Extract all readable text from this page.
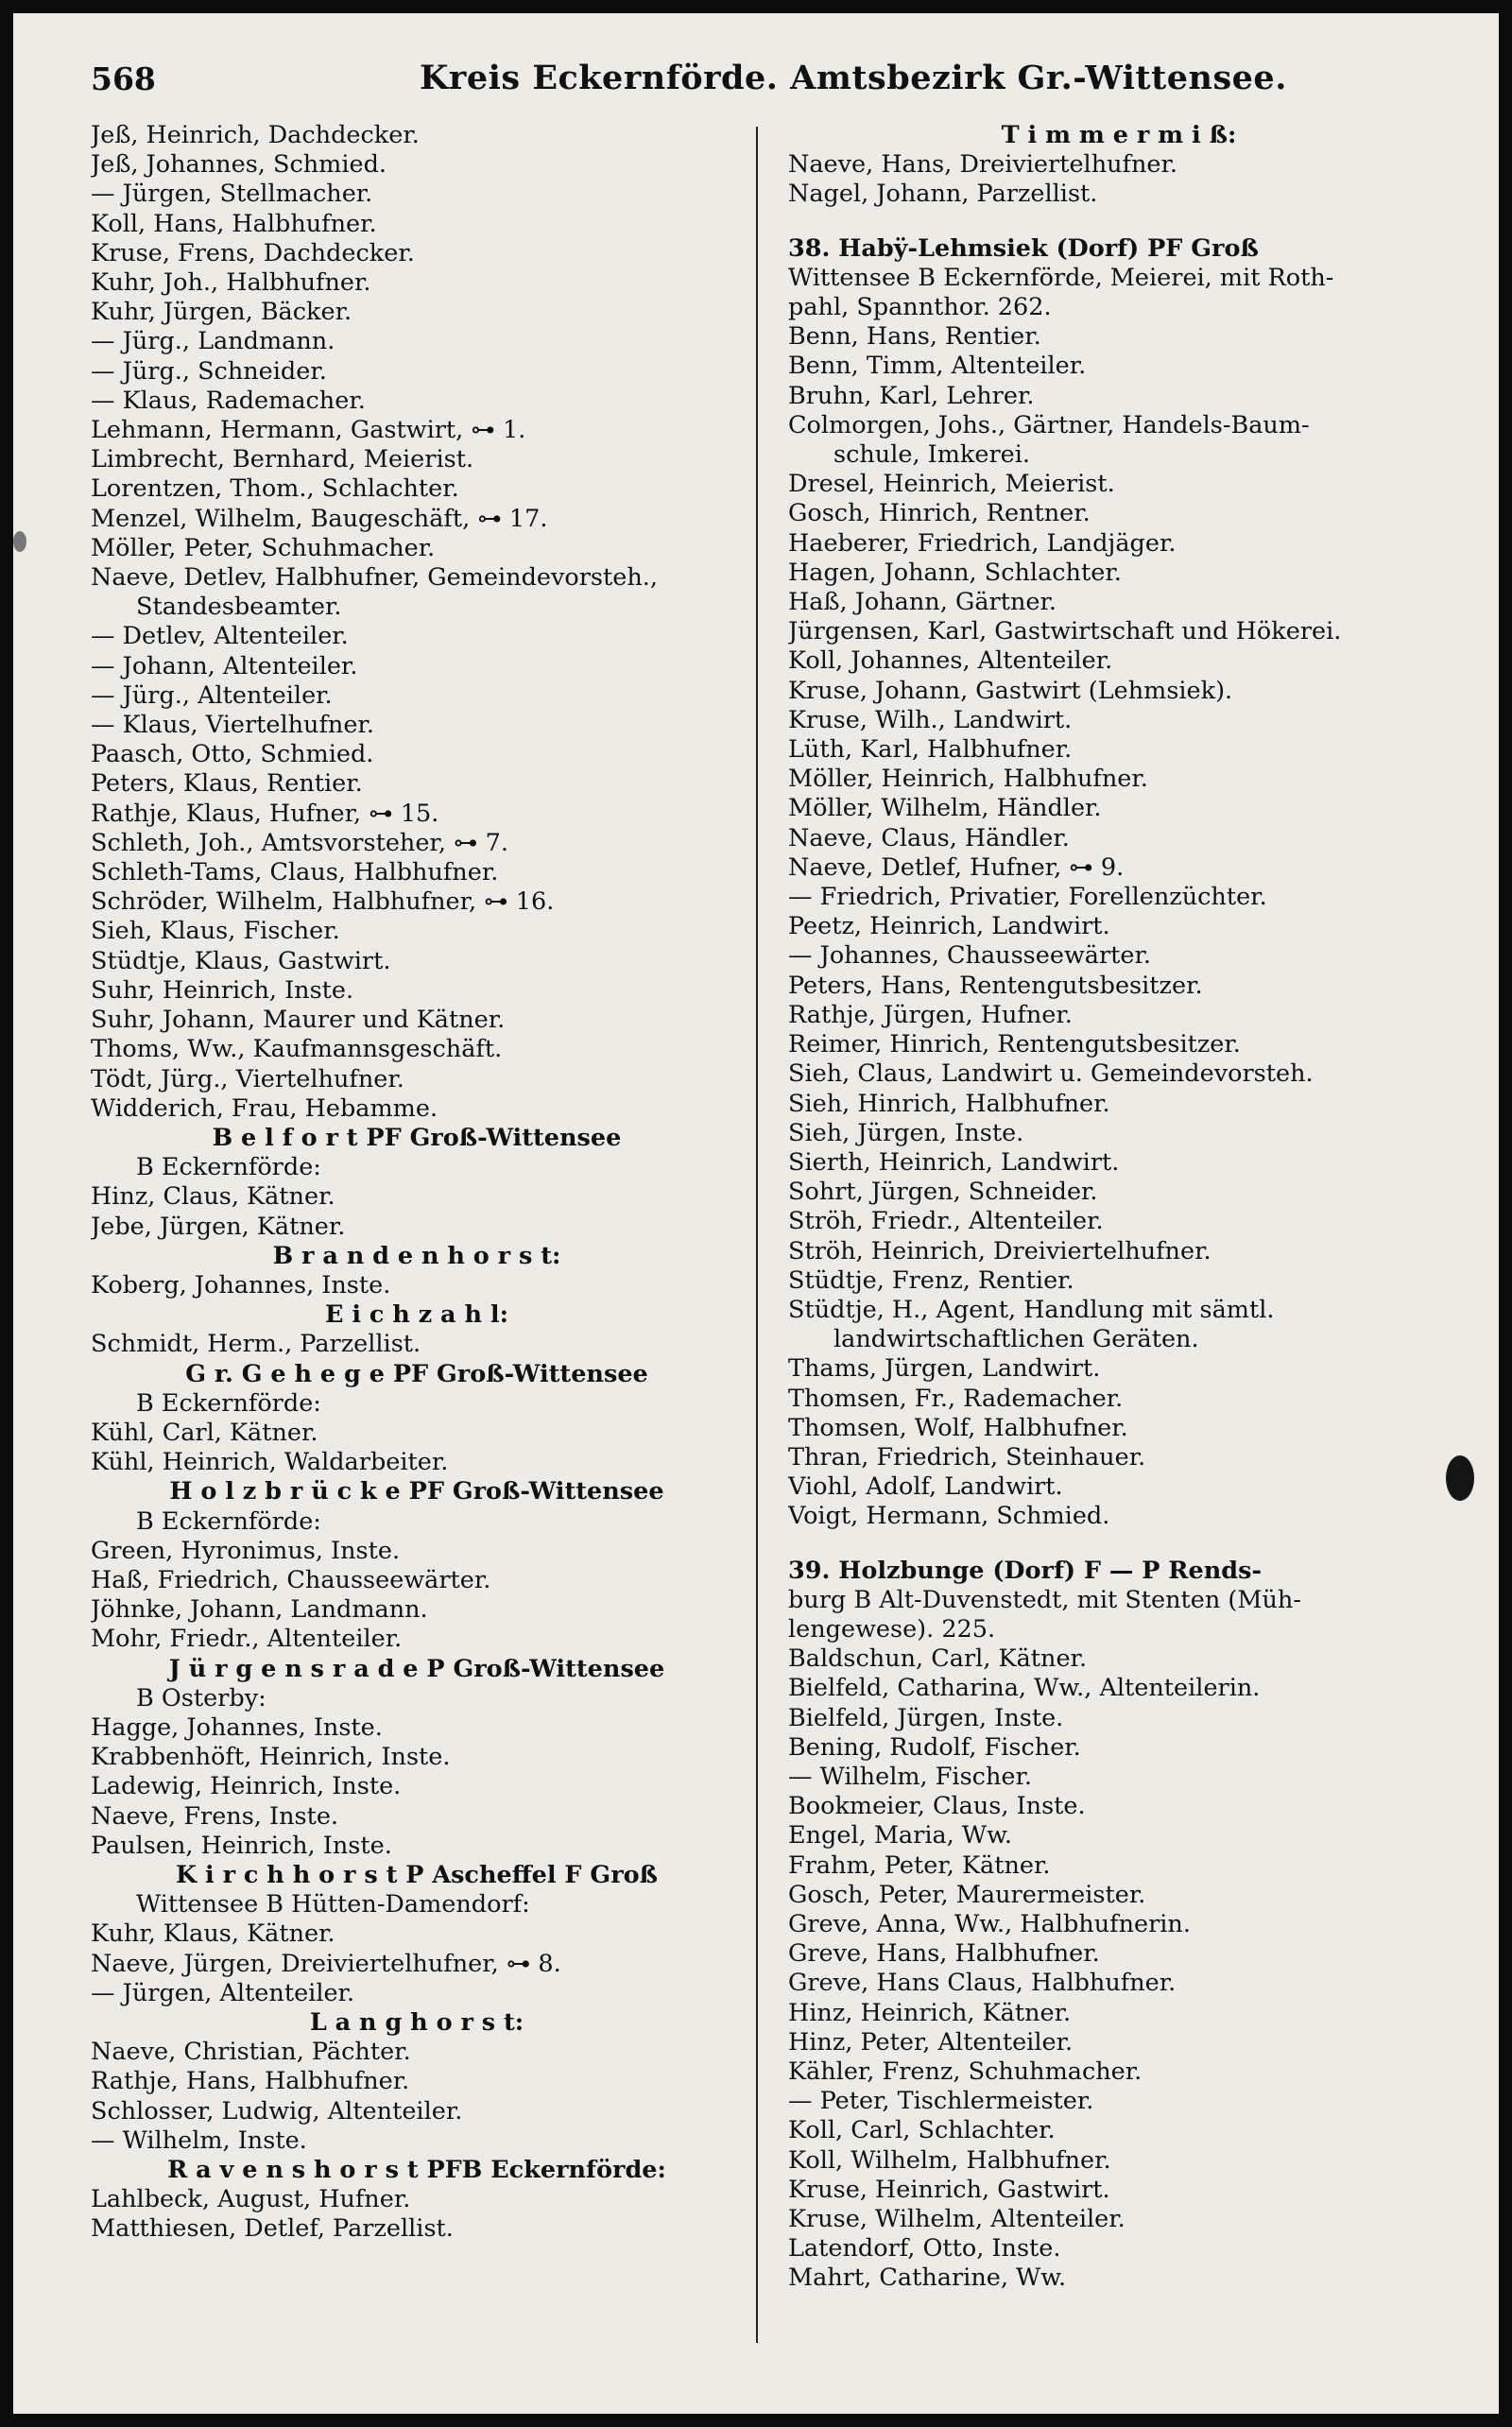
568	Kreis Eckernförde. Amtsbezirk Gr.-Wittensee.
Jeß, Heinrich, Dachdecker.
Jeß, Johannes, Schmied.
— Jürgen, Stellmacher.
Koll, Hans, Halbhufner.
Kruse, Frens, Dachdecker.
Kuhr, Joh., Halbhufner.
Kuhr, Jürgen, Bäcker.
— Jürg., Landmann.
— Jürg., Schneider.
— Klaus, Rademacher.
Lehmann, Hermann, Gastwirt, ⊶ 1.
Limbrecht, Bernhard, Meierist.
Lorentzen, Thom., Schlachter.
Menzel, Wilhelm, Baugeschäft, ⊶ 17.
Möller, Peter, Schuhmacher.
Naeve, Detlev, Halbhufner, Gemeindevorsteh.,
Standesbeamter.
— Detlev, Altenteiler.
— Johann, Altenteiler.
— Jürg., Altenteiler.
— Klaus, Viertelhufner.
Paasch, Otto, Schmied.
Peters, Klaus, Rentier.
Rathje, Klaus, Hufner, ⊶ 15.
Schleth, Joh., Amtsvorsteher, ⊶ 7.
Schleth-Tams, Claus, Halbhufner.
Schröder, Wilhelm, Halbhufner, ⊶ 16.
Sieh, Klaus, Fischer.
Stüdtje, Klaus, Gastwirt.
Suhr, Heinrich, Inste.
Suhr, Johann, Maurer und Kätner.
Thoms, Ww., Kaufmannsgeschäft.
Tödt, Jürg., Viertelhufner.
Widderich, Frau, Hebamme.
B e l f o r t PF Groß-Wittensee
B Eckernförde:
Hinz, Claus, Kätner.
Jebe, Jürgen, Kätner.
B r a n d e n h o r s t:
Koberg, Johannes, Inste.
E i c h z a h l:
Schmidt, Herm., Parzellist.
G r. G e h e g e PF Groß-Wittensee
B Eckernförde:
Kühl, Carl, Kätner.
Kühl, Heinrich, Waldarbeiter.
H o l z b r ü c k e PF Groß-Wittensee
B Eckernförde:
Green, Hyronimus, Inste.
Haß, Friedrich, Chausseewärter.
Jöhnke, Johann, Landmann.
Mohr, Friedr., Altenteiler.
J ü r g e n s r a d e P Groß-Wittensee
B Osterby:
Hagge, Johannes, Inste.
Krabbenhöft, Heinrich, Inste.
Ladewig, Heinrich, Inste.
Naeve, Frens, Inste.
Paulsen, Heinrich, Inste.
K i r c h h o r s t P Ascheffel F Groß
Wittensee B Hütten-Damendorf:
Kuhr, Klaus, Kätner.
Naeve, Jürgen, Dreiviertelhufner, ⊶ 8.
— Jürgen, Altenteiler.
L a n g h o r s t:
Naeve, Christian, Pächter.
Rathje, Hans, Halbhufner.
Schlosser, Ludwig, Altenteiler.
— Wilhelm, Inste.
R a v e n s h o r s t PFB Eckernförde:
Lahlbeck, August, Hufner.
Matthiesen, Detlef, Parzellist.
T i m m e r m i ß:
Naeve, Hans, Dreiviertelhufner.
Nagel, Johann, Parzellist.
38. Habÿ-Lehmsiek (Dorf) PF Groß
Wittensee B Eckernförde, Meierei, mit Roth-
pahl, Spannthor. 262.
Benn, Hans, Rentier.
Benn, Timm, Altenteiler.
Bruhn, Karl, Lehrer.
Colmorgen, Johs., Gärtner, Handels-Baum-
schule, Imkerei.
Dresel, Heinrich, Meierist.
Gosch, Hinrich, Rentner.
Haeberer, Friedrich, Landjäger.
Hagen, Johann, Schlachter.
Haß, Johann, Gärtner.
Jürgensen, Karl, Gastwirtschaft und Hökerei.
Koll, Johannes, Altenteiler.
Kruse, Johann, Gastwirt (Lehmsiek).
Kruse, Wilh., Landwirt.
Lüth, Karl, Halbhufner.
Möller, Heinrich, Halbhufner.
Möller, Wilhelm, Händler.
Naeve, Claus, Händler.
Naeve, Detlef, Hufner, ⊶ 9.
— Friedrich, Privatier, Forellenzüchter.
Peetz, Heinrich, Landwirt.
— Johannes, Chausseewärter.
Peters, Hans, Rentengutsbesitzer.
Rathje, Jürgen, Hufner.
Reimer, Hinrich, Rentengutsbesitzer.
Sieh, Claus, Landwirt u. Gemeindevorsteh.
Sieh, Hinrich, Halbhufner.
Sieh, Jürgen, Inste.
Sierth, Heinrich, Landwirt.
Sohrt, Jürgen, Schneider.
Ströh, Friedr., Altenteiler.
Ströh, Heinrich, Dreiviertelhufner.
Stüdtje, Frenz, Rentier.
Stüdtje, H., Agent, Handlung mit sämtl.
landwirtschaftlichen Geräten.
Thams, Jürgen, Landwirt.
Thomsen, Fr., Rademacher.
Thomsen, Wolf, Halbhufner.
Thran, Friedrich, Steinhauer.
Viohl, Adolf, Landwirt.
Voigt, Hermann, Schmied.
39. Holzbunge (Dorf) F — P Rends-
burg B Alt-Duvenstedt, mit Stenten (Müh-
lengewese). 225.
Baldschun, Carl, Kätner.
Bielfeld, Catharina, Ww., Altenteilerin.
Bielfeld, Jürgen, Inste.
Bening, Rudolf, Fischer.
— Wilhelm, Fischer.
Bookmeier, Claus, Inste.
Engel, Maria, Ww.
Frahm, Peter, Kätner.
Gosch, Peter, Maurermeister.
Greve, Anna, Ww., Halbhufnerin.
Greve, Hans, Halbhufner.
Greve, Hans Claus, Halbhufner.
Hinz, Heinrich, Kätner.
Hinz, Peter, Altenteiler.
Kähler, Frenz, Schuhmacher.
— Peter, Tischlermeister.
Koll, Carl, Schlachter.
Koll, Wilhelm, Halbhufner.
Kruse, Heinrich, Gastwirt.
Kruse, Wilhelm, Altenteiler.
Latendorf, Otto, Inste.
Mahrt, Catharine, Ww.
